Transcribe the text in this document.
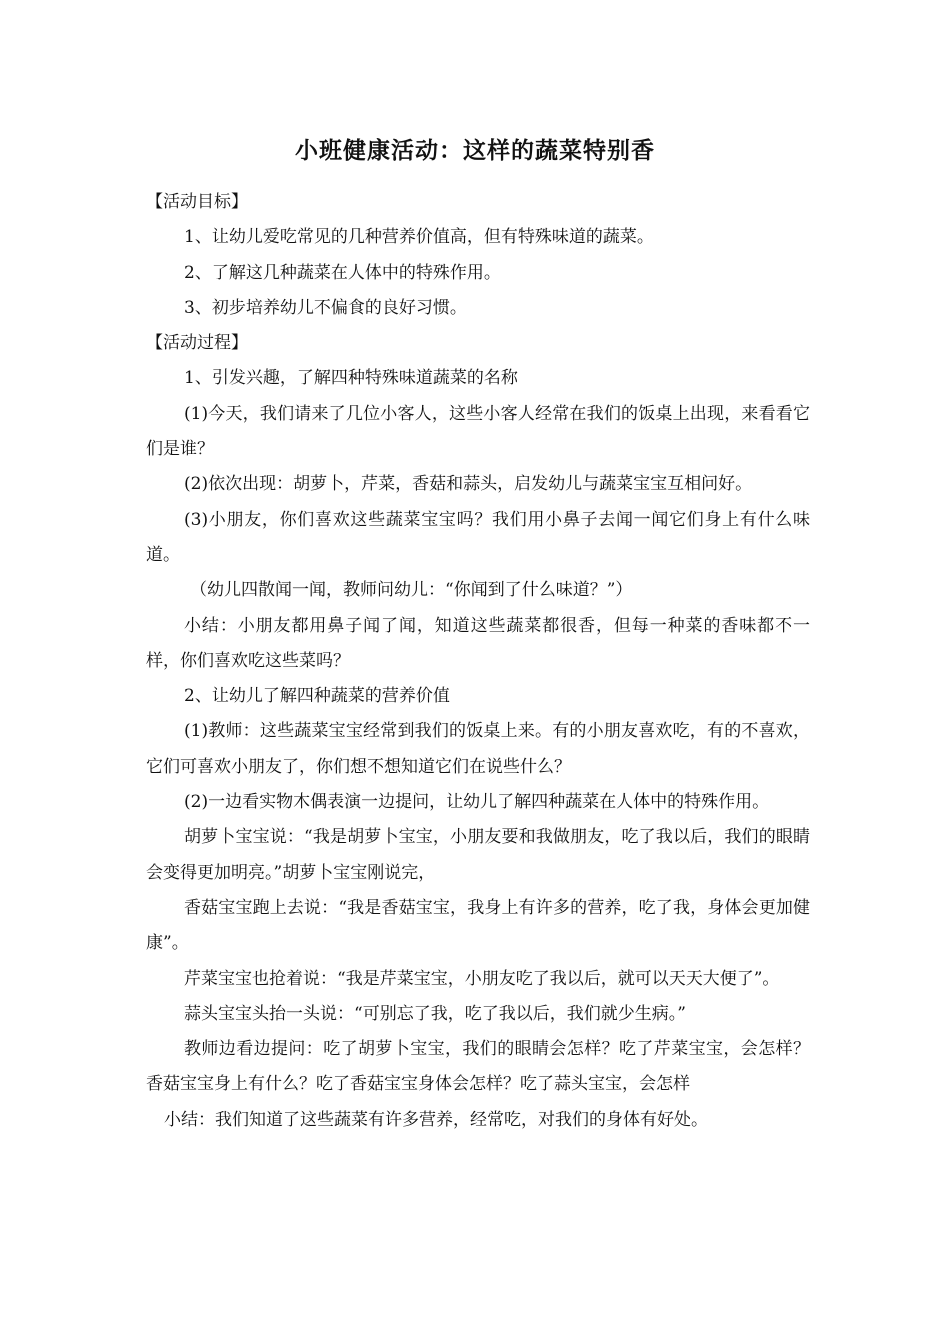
小班健康活动：这样的蔬菜特别香

【活动目标】

1、让幼儿爱吃常见的几种营养价值高，但有特殊味道的蔬菜。

2、了解这几种蔬菜在人体中的特殊作用。

3、初步培养幼儿不偏食的良好习惯。

【活动过程】

1、引发兴趣，了解四种特殊味道蔬菜的名称

(1)今天，我们请来了几位小客人，这些小客人经常在我们的饭桌上出现，来看看它们是谁？

(2)依次出现：胡萝卜，芹菜，香菇和蒜头，启发幼儿与蔬菜宝宝互相问好。

(3)小朋友，你们喜欢这些蔬菜宝宝吗？我们用小鼻子去闻一闻它们身上有什么味道。

（幼儿四散闻一闻，教师问幼儿：“你闻到了什么味道？”）

小结：小朋友都用鼻子闻了闻，知道这些蔬菜都很香，但每一种菜的香味都不一样，你们喜欢吃这些菜吗？

2、让幼儿了解四种蔬菜的营养价值

(1)教师：这些蔬菜宝宝经常到我们的饭桌上来。有的小朋友喜欢吃，有的不喜欢，它们可喜欢小朋友了，你们想不想知道它们在说些什么？

(2)一边看实物木偶表演一边提问，让幼儿了解四种蔬菜在人体中的特殊作用。

胡萝卜宝宝说：“我是胡萝卜宝宝，小朋友要和我做朋友，吃了我以后，我们的眼睛会变得更加明亮。”胡萝卜宝宝刚说完，

香菇宝宝跑上去说：“我是香菇宝宝，我身上有许多的营养，吃了我，身体会更加健康”。

芹菜宝宝也抢着说：“我是芹菜宝宝，小朋友吃了我以后，就可以天天大便了”。

蒜头宝宝头抬一头说：“可别忘了我，吃了我以后，我们就少生病。”

教师边看边提问：吃了胡萝卜宝宝，我们的眼睛会怎样？吃了芹菜宝宝，会怎样？香菇宝宝身上有什么？吃了香菇宝宝身体会怎样？吃了蒜头宝宝，会怎样

小结：我们知道了这些蔬菜有许多营养，经常吃，对我们的身体有好处。
